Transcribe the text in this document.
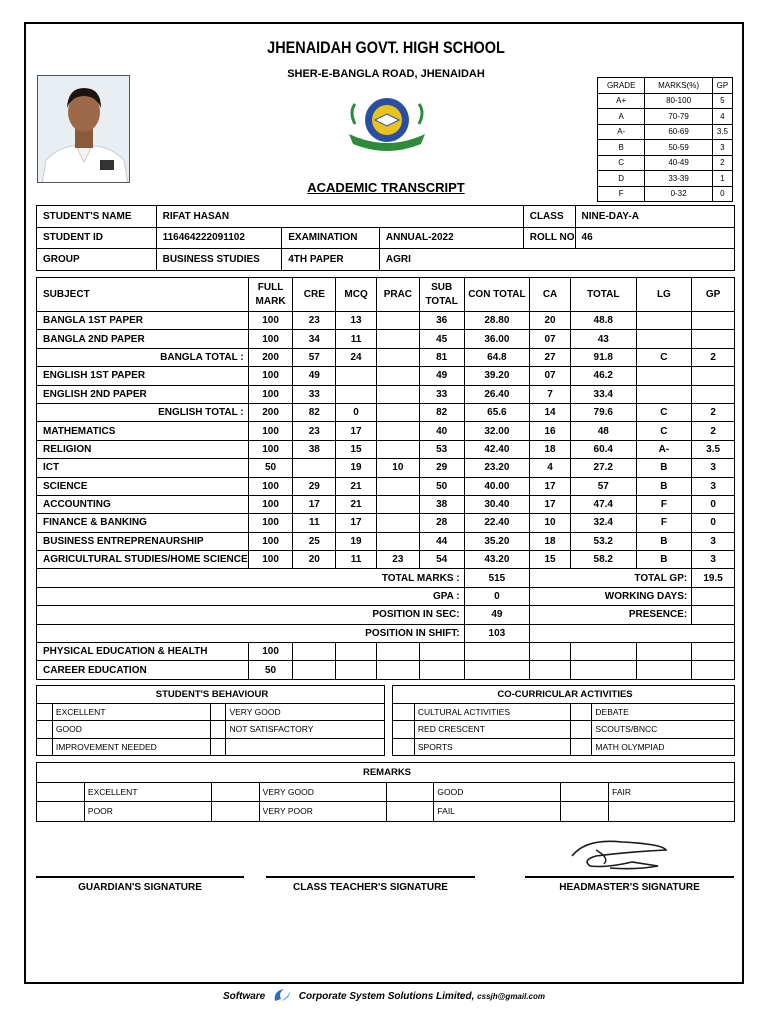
JHENAIDAH GOVT. HIGH SCHOOL
SHER-E-BANGLA ROAD, JHENAIDAH
ACADEMIC TRANSCRIPT
GRADE	MARKS(%)	GP
A+	80-100	5
A	70-79	4
A-	60-69	3.5
B	50-59	3
C	40-49	2
D	33-39	1
F	0-32	0
STUDENT'S NAME	RIFAT HASAN			CLASS	NINE-DAY-A
STUDENT ID	116464222091102	EXAMINATION	ANNUAL-2022	ROLL NO	46
GROUP	BUSINESS STUDIES	4TH PAPER	AGRI		
SUBJECT	FULL MARK	CRE	MCQ	PRAC	SUB TOTAL	CON TOTAL	CA	TOTAL	LG	GP
BANGLA 1ST PAPER	100	23	13		36	28.80	20	48.8		
BANGLA 2ND PAPER	100	34	11		45	36.00	07	43		
BANGLA TOTAL :	200	57	24		81	64.8	27	91.8	C	2
ENGLISH 1ST PAPER	100	49			49	39.20	07	46.2		
ENGLISH 2ND PAPER	100	33			33	26.40	7	33.4		
ENGLISH TOTAL :	200	82	0		82	65.6	14	79.6	C	2
MATHEMATICS	100	23	17		40	32.00	16	48	C	2
RELIGION	100	38	15		53	42.40	18	60.4	A-	3.5
ICT	50		19	10	29	23.20	4	27.2	B	3
SCIENCE	100	29	21		50	40.00	17	57	B	3
ACCOUNTING	100	17	21		38	30.40	17	47.4	F	0
FINANCE & BANKING	100	11	17		28	22.40	10	32.4	F	0
BUSINESS ENTREPRENAURSHIP	100	25	19		44	35.20	18	53.2	B	3
AGRICULTURAL STUDIES/HOME SCIENCE	100	20	11	23	54	43.20	15	58.2	B	3
TOTAL MARKS :						515	TOTAL GP:			19.5
GPA :						0	WORKING DAYS:			
POSITION IN SEC:						49	PRESENCE:			
POSITION IN SHIFT:						103				
PHYSICAL EDUCATION & HEALTH	100									
CAREER EDUCATION	50									
STUDENT'S BEHAVIOUR			
	EXCELLENT		VERY GOOD
	GOOD		NOT SATISFACTORY
	IMPROVEMENT NEEDED		
CO-CURRICULAR ACTIVITIES			
	CULTURAL ACTIVITIES		DEBATE
	RED CRESCENT		SCOUTS/BNCC
	SPORTS		MATH OLYMPIAD
REMARKS							
	EXCELLENT		VERY GOOD		GOOD		FAIR
	POOR		VERY POOR		FAIL		
GUARDIAN'S SIGNATURE	CLASS TEACHER'S SIGNATURE	HEADMASTER'S SIGNATURE
Software	Corporate System Solutions Limited, cssjh@gmail.com
